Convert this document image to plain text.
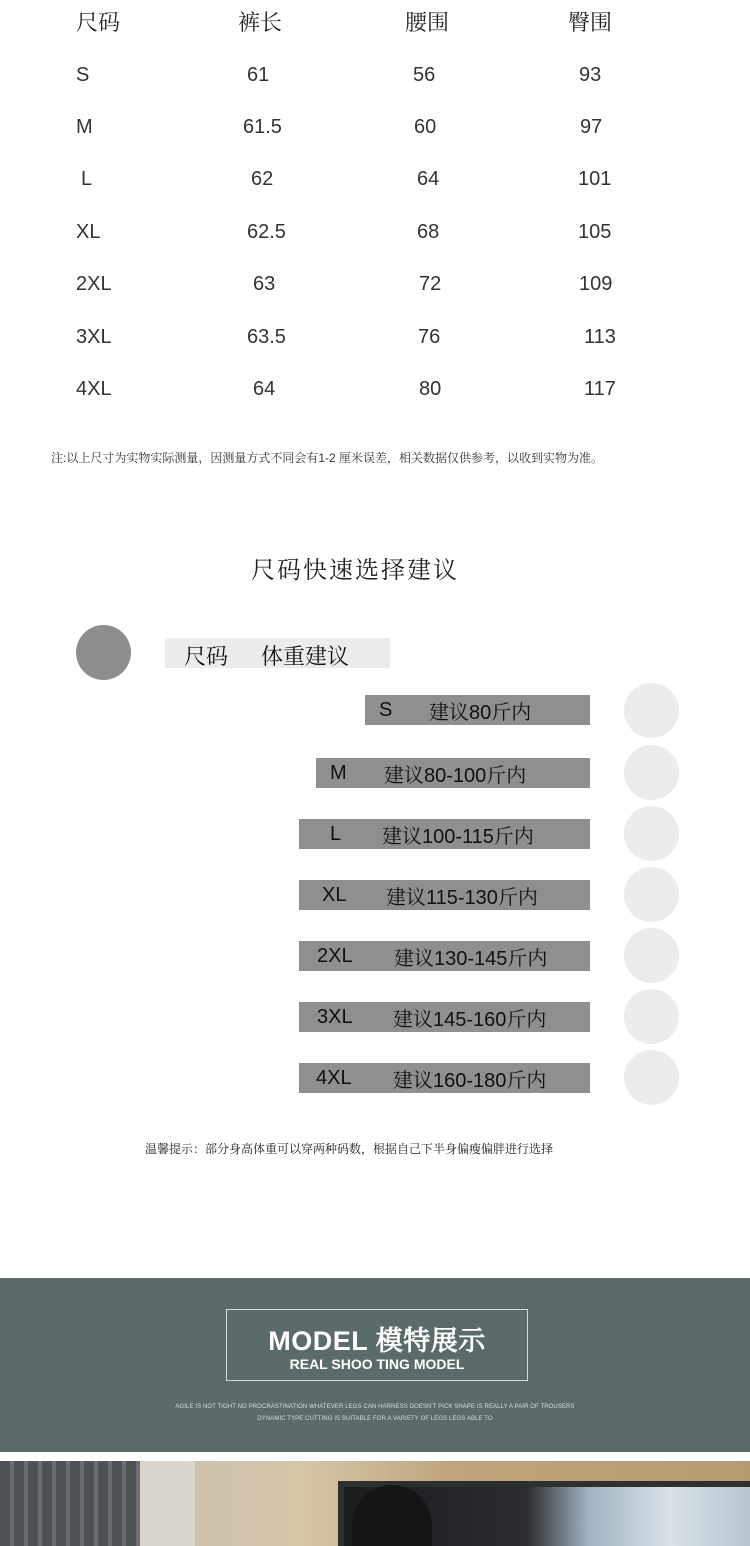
尺码	裤长	腰围	臀围
S	61	56	93
M	61.5	60	97
L	62	64	101
XL	62.5	68	105
2XL	63	72	109
3XL	63.5	76	113
4XL	64	80	117
注:以上尺寸为实物实际测量，因测量方式不同会有1-2 厘米误差，相关数据仅供参考，以收到实物为准。
尺码快速选择建议
尺码 体重建议
S	建议80斤内
M	建议80-100斤内
L	建议100-115斤内
XL	建议115-130斤内
2XL	建议130-145斤内
3XL	建议145-160斤内
4XL	建议160-180斤内
温馨提示：部分身高体重可以穿两种码数，根据自己下半身偏瘦偏胖进行选择
MODEL 模特展示
REAL SHOO TING MODEL
AGILE IS NOT TIGHT NO PROCRASTINATION WHATEVER LEGS CAN HARNESS DOESN'T PICK SHAPE IS REALLY A PAIR OF TROUSERS
DYNAMIC TYPE CUTTING IS SUITABLE FOR A VARIETY OF LEGS LEGS ABLE TO
